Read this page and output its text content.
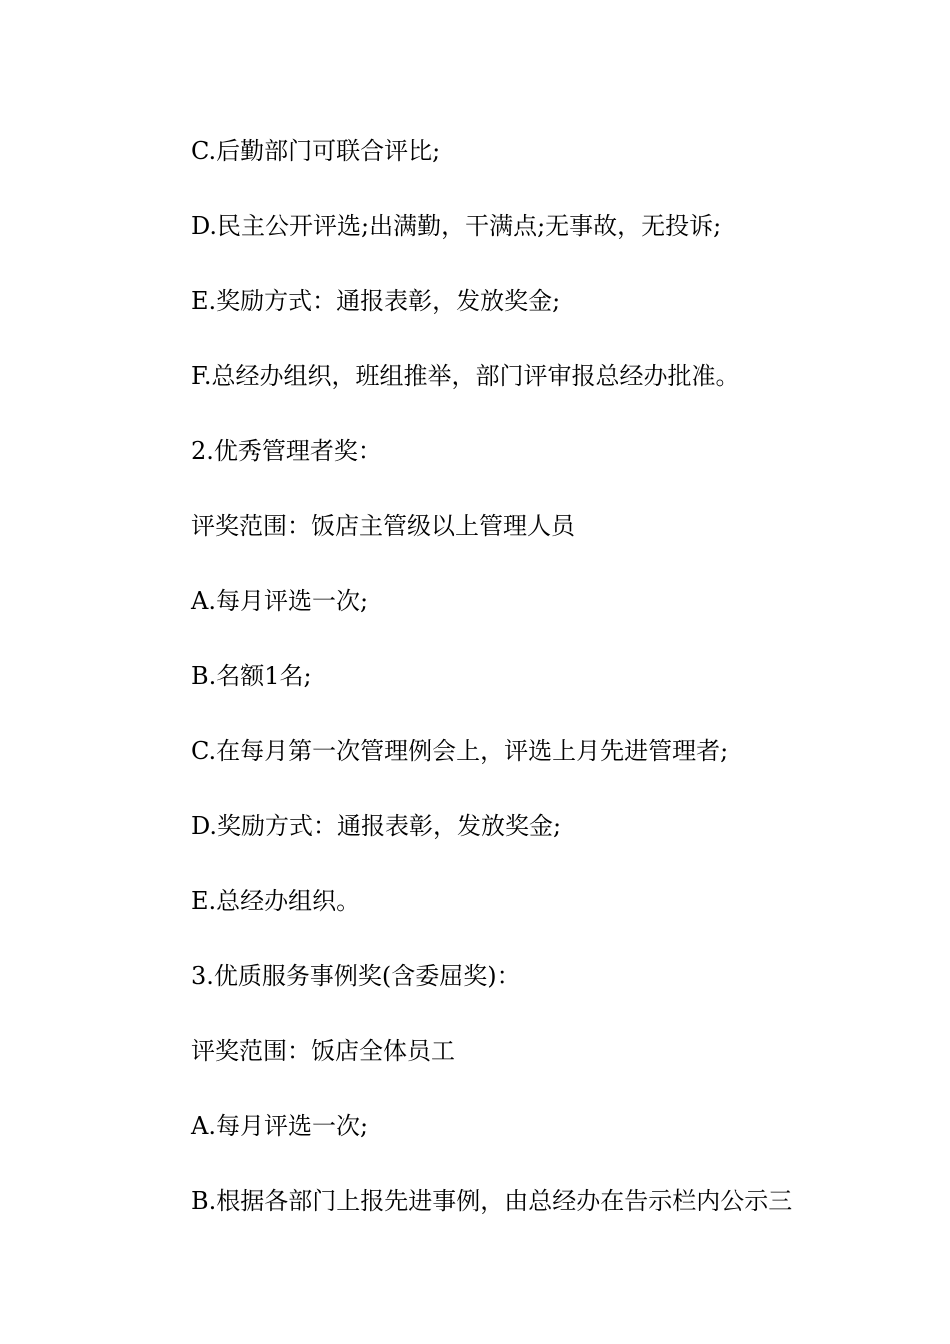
C.后勤部门可联合评比;
D.民主公开评选;出满勤，干满点;无事故，无投诉;
E.奖励方式：通报表彰，发放奖金;
F.总经办组织，班组推举，部门评审报总经办批准。
2.优秀管理者奖：
评奖范围：饭店主管级以上管理人员
A.每月评选一次;
B.名额1名;
C.在每月第一次管理例会上，评选上月先进管理者;
D.奖励方式：通报表彰，发放奖金;
E.总经办组织。
3.优质服务事例奖(含委屈奖)：
评奖范围：饭店全体员工
A.每月评选一次;
B.根据各部门上报先进事例，由总经办在告示栏内公示三
